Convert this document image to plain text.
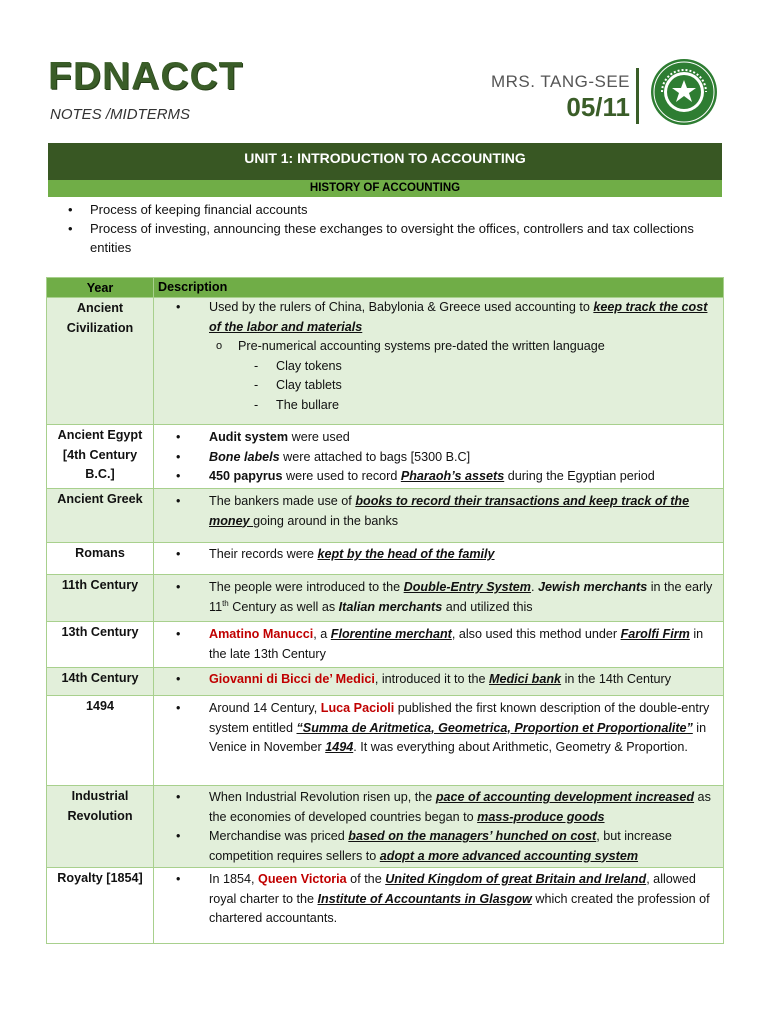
FDNACCT
NOTES /MIDTERMS
MRS. TANG-SEE
05/11
UNIT 1: INTRODUCTION TO ACCOUNTING
HISTORY OF ACCOUNTING
• Process of keeping financial accounts
• Process of investing, announcing these exchanges to oversight the offices, controllers and tax collections entities
Year	Description
Ancient Civilization	• Used by the rulers of China, Babylonia & Greece used accounting to keep track the cost of the labor and materials
o Pre-numerical accounting systems pre-dated the written language
- Clay tokens
- Clay tablets
- The bullare

Ancient Egypt [4th Century B.C.]	• Audit system were used
• Bone labels were attached to bags [5300 B.C]
• 450 papyrus were used to record Pharaoh’s assets during the Egyptian period

Ancient Greek	• The bankers made use of books to record their transactions and keep track of the money going around in the banks

Romans	• Their records were kept by the head of the family

11th Century	• The people were introduced to the Double-Entry System. Jewish merchants in the early 11th Century as well as Italian merchants and utilized this

13th Century	• Amatino Manucci, a Florentine merchant, also used this method under Farolfi Firm in the late 13th Century

14th Century	• Giovanni di Bicci de’ Medici, introduced it to the Medici bank in the 14th Century

1494	• Around 14 Century, Luca Pacioli published the first known description of the double-entry system entitled “Summa de Aritmetica, Geometrica, Proportion et Proportionalite” in Venice in November 1494. It was everything about Arithmetic, Geometry & Proportion.

Industrial Revolution	• When Industrial Revolution risen up, the pace of accounting development increased as the economies of developed countries began to mass-produce goods
• Merchandise was priced based on the managers’ hunched on cost, but increase competition requires sellers to adopt a more advanced accounting system

Royalty [1854]	• In 1854, Queen Victoria of the United Kingdom of great Britain and Ireland, allowed royal charter to the Institute of Accountants in Glasgow which created the profession of chartered accountants.
